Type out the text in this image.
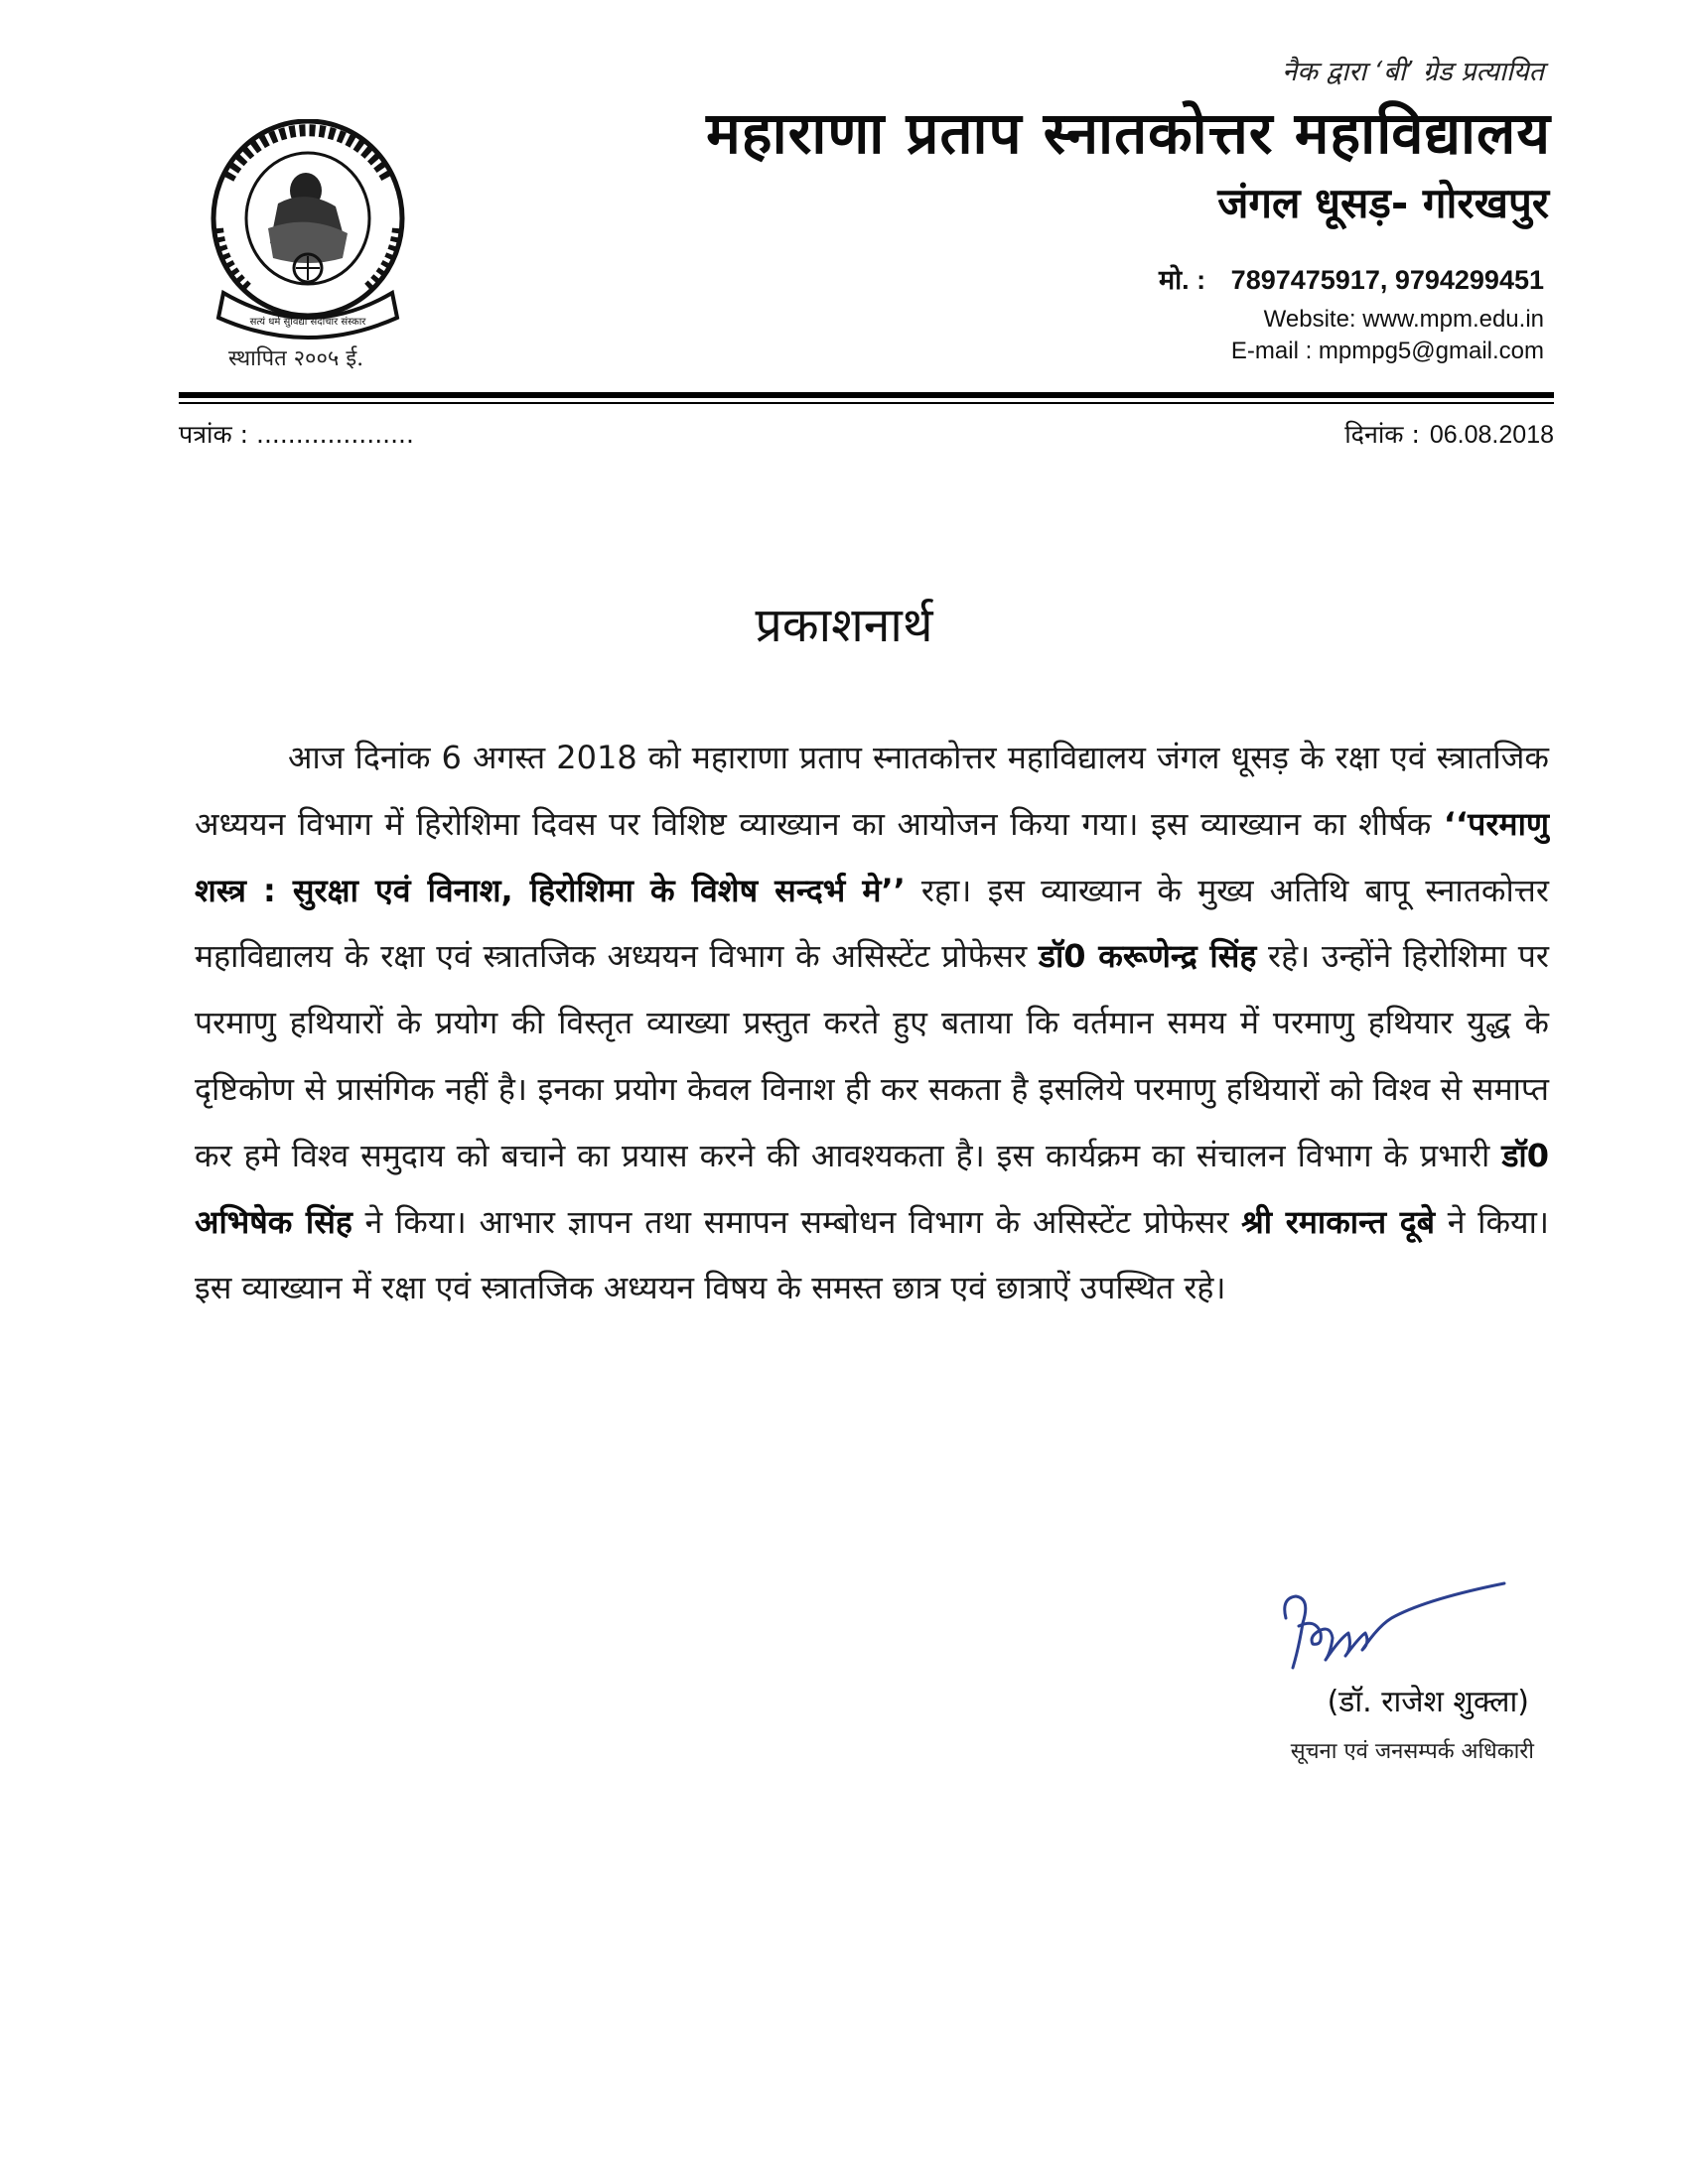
नैक द्वारा ‘बी’ ग्रेड प्रत्यायित
महाराणा प्रताप स्नातकोत्तर महाविद्यालय
जंगल धूसड़- गोरखपुर
मो. : 7897475917, 9794299451
Website: www.mpm.edu.in
E-mail : mpmpg5@gmail.com
सत्यं धर्म सुविद्या सदाचार संस्कार
स्थापित २००५ ई.
पत्रांक : ....................	दिनांक : 06.08.2018
प्रकाशनार्थ
आज दिनांक 6 अगस्त 2018 को महाराणा प्रताप स्नातकोत्तर महाविद्यालय जंगल धूसड़ के रक्षा एवं स्त्रातजिक अध्ययन विभाग में हिरोशिमा दिवस पर विशिष्ट व्याख्यान का आयोजन किया गया। इस व्याख्यान का शीर्षक ‘‘परमाणु शस्त्र : सुरक्षा एवं विनाश, हिरोशिमा के विशेष सन्दर्भ मे’’ रहा। इस व्याख्यान के मुख्य अतिथि बापू स्नातकोत्तर महाविद्यालय के रक्षा एवं स्त्रातजिक अध्ययन विभाग के असिस्टेंट प्रोफेसर डॉ0 करूणेन्द्र सिंह रहे। उन्होंने हिरोशिमा पर परमाणु हथियारों के प्रयोग की विस्तृत व्याख्या प्रस्तुत करते हुए बताया कि वर्तमान समय में परमाणु हथियार युद्ध के दृष्टिकोण से प्रासंगिक नहीं है। इनका प्रयोग केवल विनाश ही कर सकता है इसलिये परमाणु हथियारों को विश्व से समाप्त कर हमे विश्व समुदाय को बचाने का प्रयास करने की आवश्यकता है। इस कार्यक्रम का संचालन विभाग के प्रभारी डॉ0 अभिषेक सिंह ने किया। आभार ज्ञापन तथा समापन सम्बोधन विभाग के असिस्टेंट प्रोफेसर श्री रमाकान्त दूबे ने किया। इस व्याख्यान में रक्षा एवं स्त्रातजिक अध्ययन विषय के समस्त छात्र एवं छात्राऐं उपस्थित रहे।
(डॉ. राजेश शुक्ला)
सूचना एवं जनसम्पर्क अधिकारी
